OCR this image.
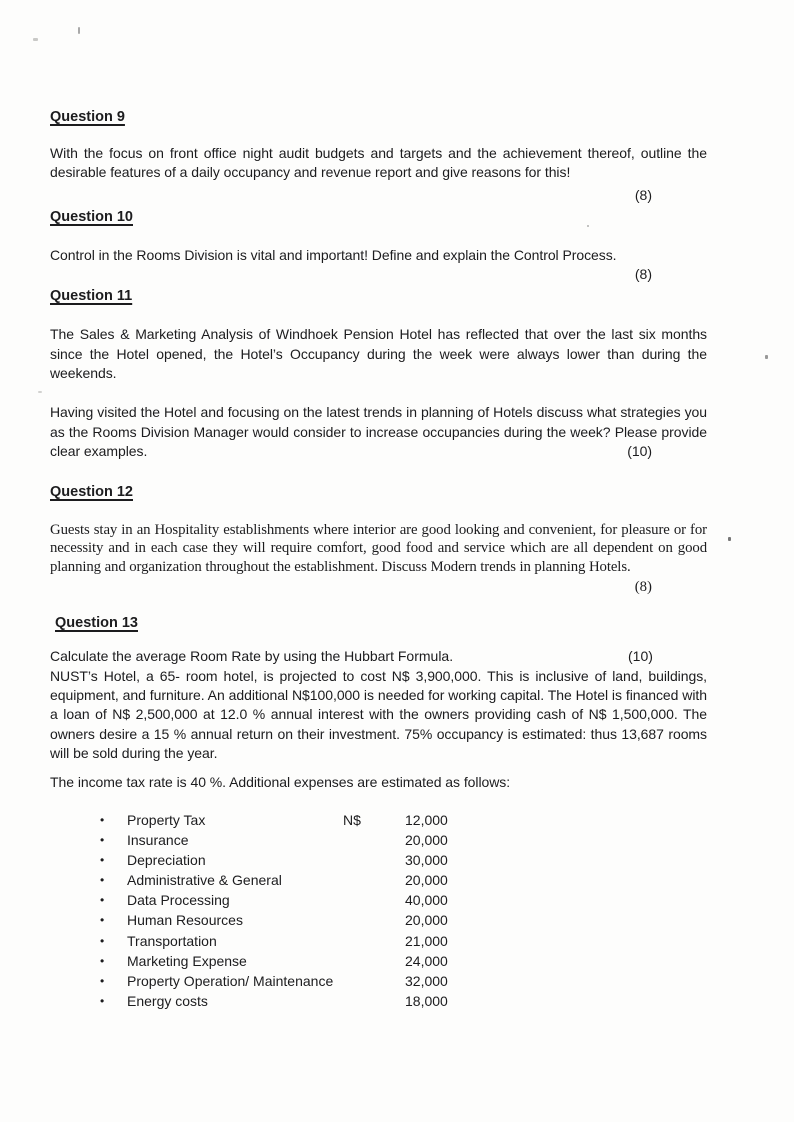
Question 9
With the focus on front office night audit budgets and targets and the achievement thereof, outline the desirable features of a daily occupancy and revenue report and give reasons for this!
(8)
Question 10
Control in the Rooms Division is vital and important! Define and explain the Control Process.
(8)
Question 11
The Sales & Marketing Analysis of Windhoek Pension Hotel has reflected that over the last six months since the Hotel opened, the Hotel’s Occupancy during the week were always lower than during the weekends.
Having visited the Hotel and focusing on the latest trends in planning of Hotels discuss what strategies you as the Rooms Division Manager would consider to increase occupancies during the week? Please provide clear examples.	(10)
Question 12
Guests stay in an Hospitality establishments where interior are good looking and convenient, for pleasure or for necessity and in each case they will require comfort, good food and service which are all dependent on good planning and organization throughout the establishment. Discuss Modern trends in planning Hotels.
(8)
Question 13
Calculate the average Room Rate by using the Hubbart Formula.	(10)
NUST’s Hotel, a 65- room hotel, is projected to cost N$ 3,900,000. This is inclusive of land, buildings, equipment, and furniture. An additional N$100,000 is needed for working capital. The Hotel is financed with a loan of N$ 2,500,000 at 12.0 % annual interest with the owners providing cash of N$ 1,500,000. The owners desire a 15 % annual return on their investment. 75% occupancy is estimated: thus 13,687 rooms will be sold during the year.
The income tax rate is 40 %. Additional expenses are estimated as follows:
•	Property Tax	N$	12,000
•	Insurance	20,000
•	Depreciation	30,000
•	Administrative & General	20,000
•	Data Processing	40,000
•	Human Resources	20,000
•	Transportation	21,000
•	Marketing Expense	24,000
•	Property Operation/ Maintenance	32,000
•	Energy costs	18,000
